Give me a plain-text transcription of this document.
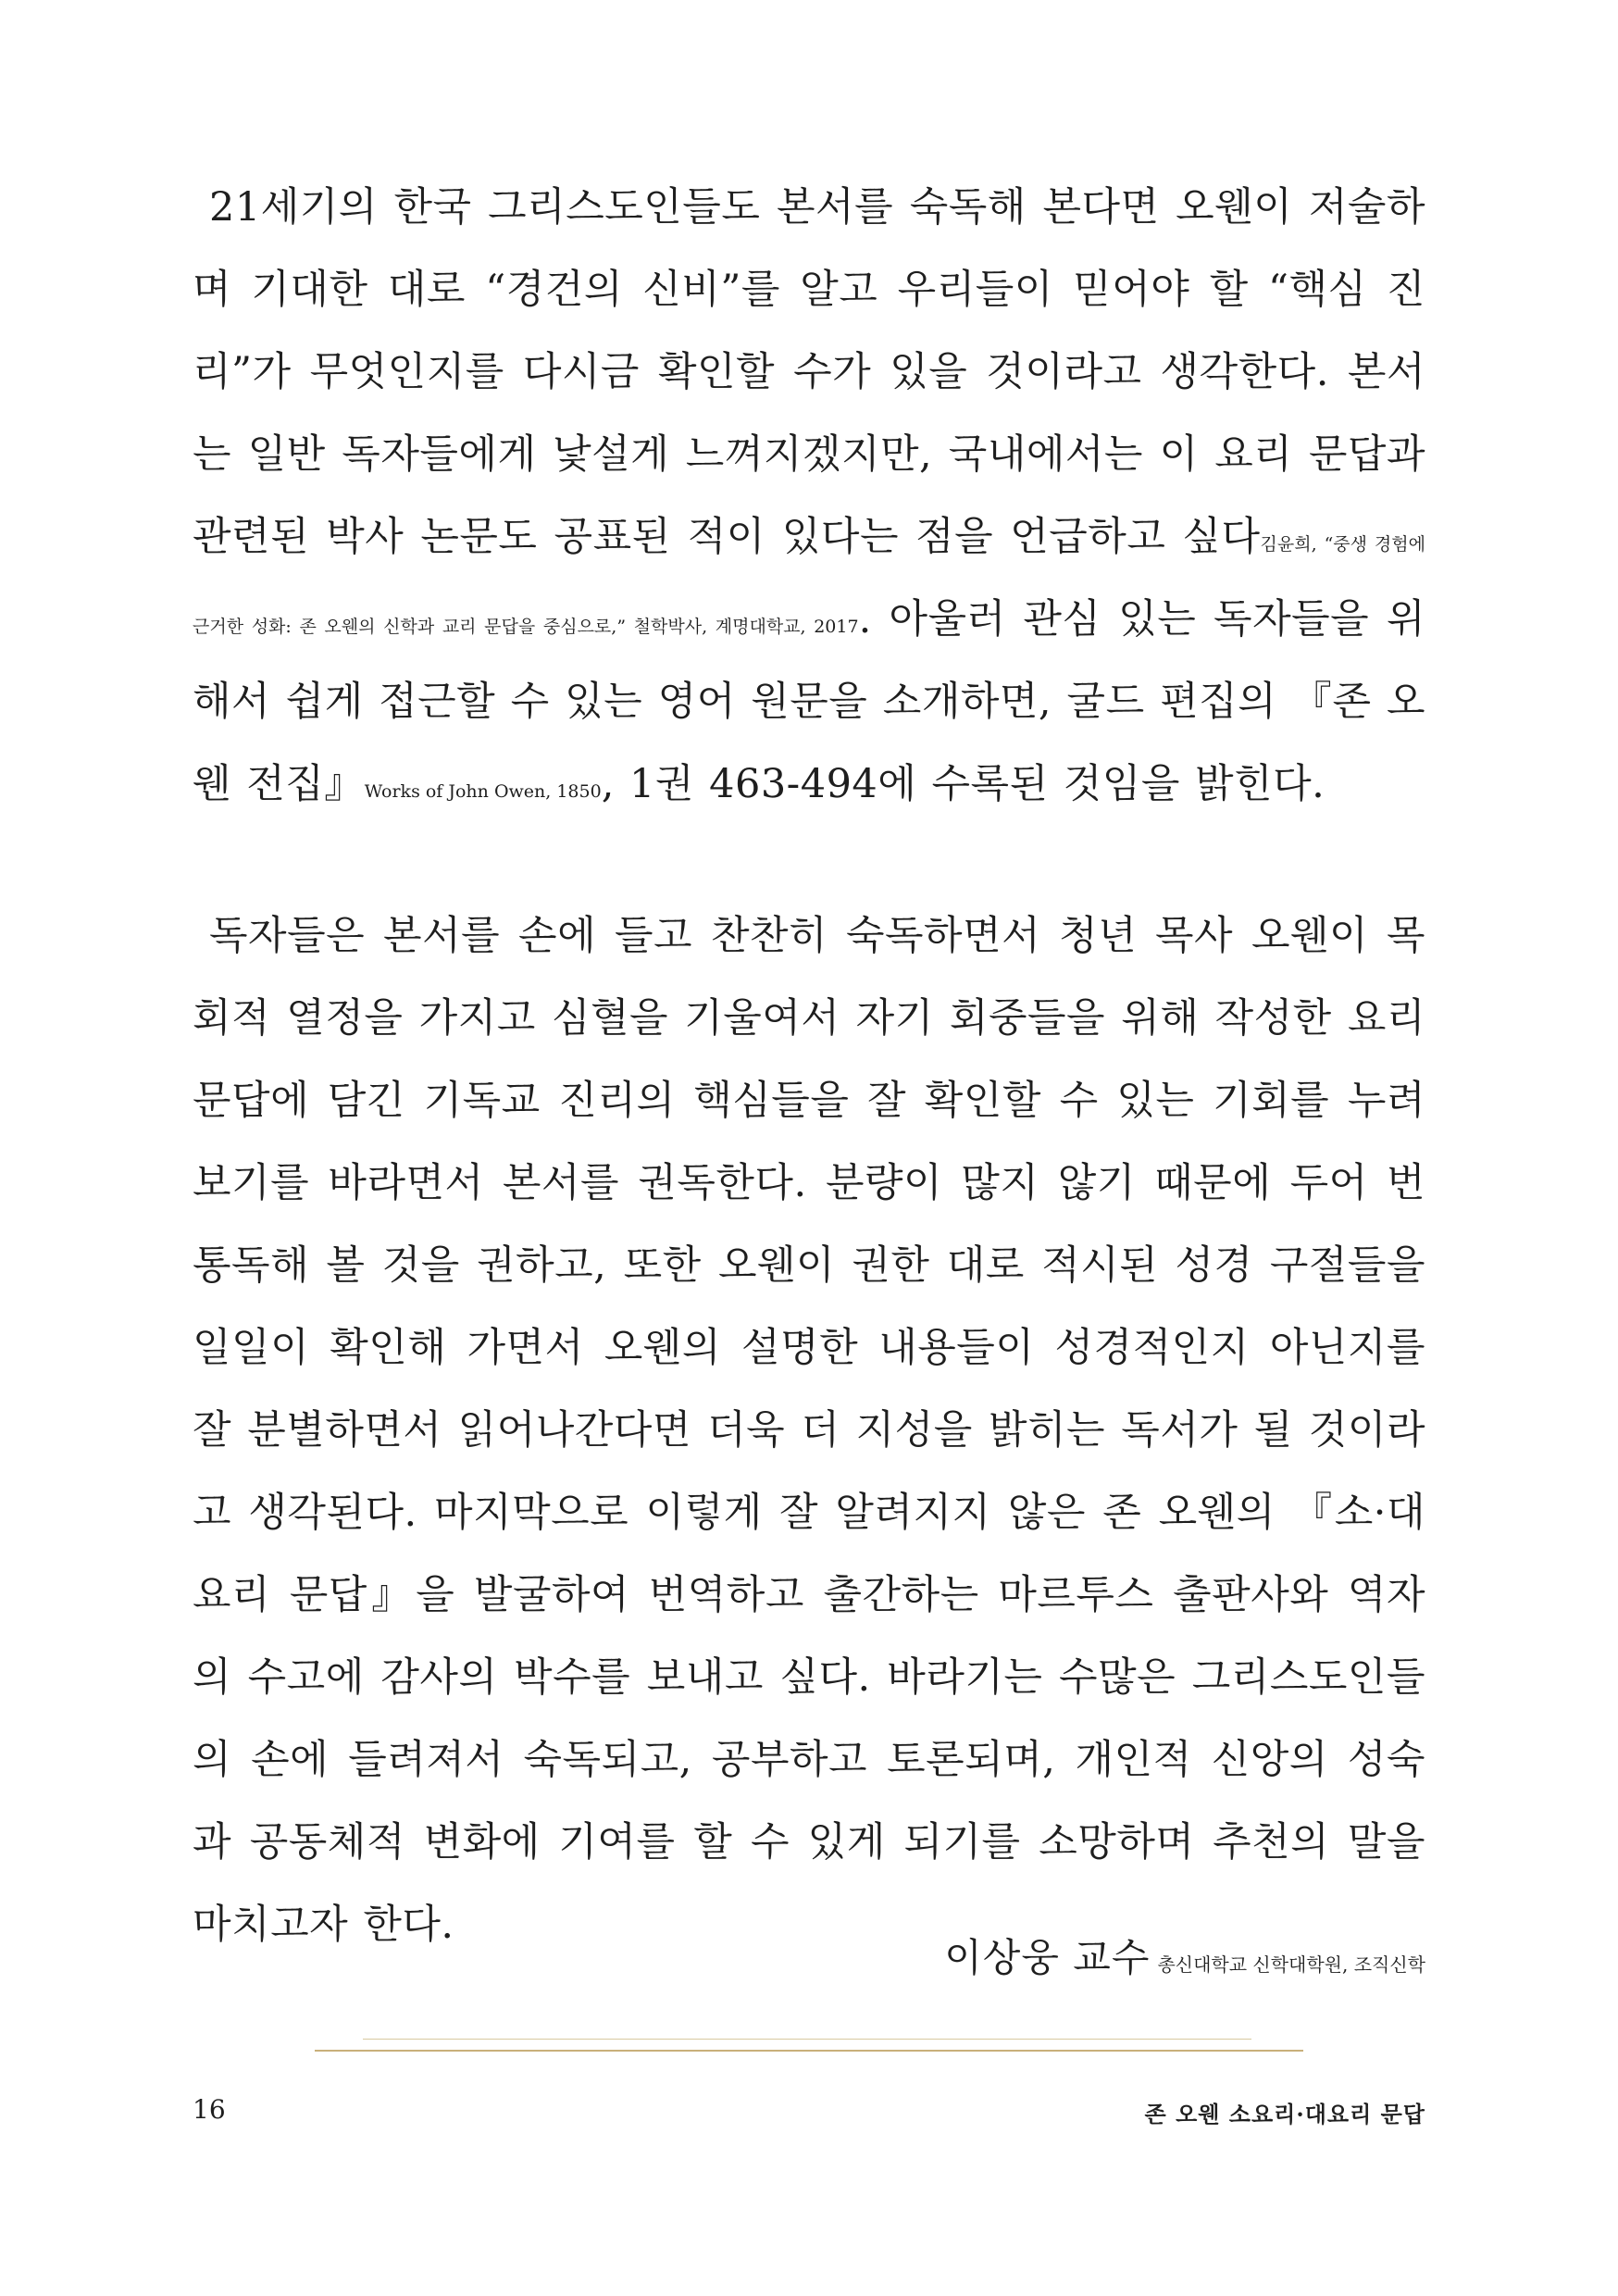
21세기의 한국 그리스도인들도 본서를 숙독해 본다면 오웬이 저술하며 기대한 대로 “경건의 신비”를 알고 우리들이 믿어야 할 “핵심 진리”가 무엇인지를 다시금 확인할 수가 있을 것이라고 생각한다. 본서는 일반 독자들에게 낯설게 느껴지겠지만, 국내에서는 이 요리 문답과 관련된 박사 논문도 공표된 적이 있다는 점을 언급하고 싶다김윤희, “중생 경험에 근거한 성화: 존 오웬의 신학과 교리 문답을 중심으로,” 철학박사, 계명대학교, 2017. 아울러 관심 있는 독자들을 위해서 쉽게 접근할 수 있는 영어 원문을 소개하면, 굴드 편집의 『존 오웬 전집』Works of John Owen, 1850, 1권 463-494에 수록된 것임을 밝힌다.

독자들은 본서를 손에 들고 찬찬히 숙독하면서 청년 목사 오웬이 목회적 열정을 가지고 심혈을 기울여서 자기 회중들을 위해 작성한 요리 문답에 담긴 기독교 진리의 핵심들을 잘 확인할 수 있는 기회를 누려 보기를 바라면서 본서를 권독한다. 분량이 많지 않기 때문에 두어 번 통독해 볼 것을 권하고, 또한 오웬이 권한 대로 적시된 성경 구절들을 일일이 확인해 가면서 오웬의 설명한 내용들이 성경적인지 아닌지를 잘 분별하면서 읽어나간다면 더욱 더 지성을 밝히는 독서가 될 것이라고 생각된다. 마지막으로 이렇게 잘 알려지지 않은 존 오웬의 『소·대요리 문답』을 발굴하여 번역하고 출간하는 마르투스 출판사와 역자의 수고에 감사의 박수를 보내고 싶다. 바라기는 수많은 그리스도인들의 손에 들려져서 숙독되고, 공부하고 토론되며, 개인적 신앙의 성숙과 공동체적 변화에 기여를 할 수 있게 되기를 소망하며 추천의 말을 마치고자 한다.

이상웅 교수 총신대학교 신학대학원, 조직신학
16	존 오웬 소요리·대요리 문답
